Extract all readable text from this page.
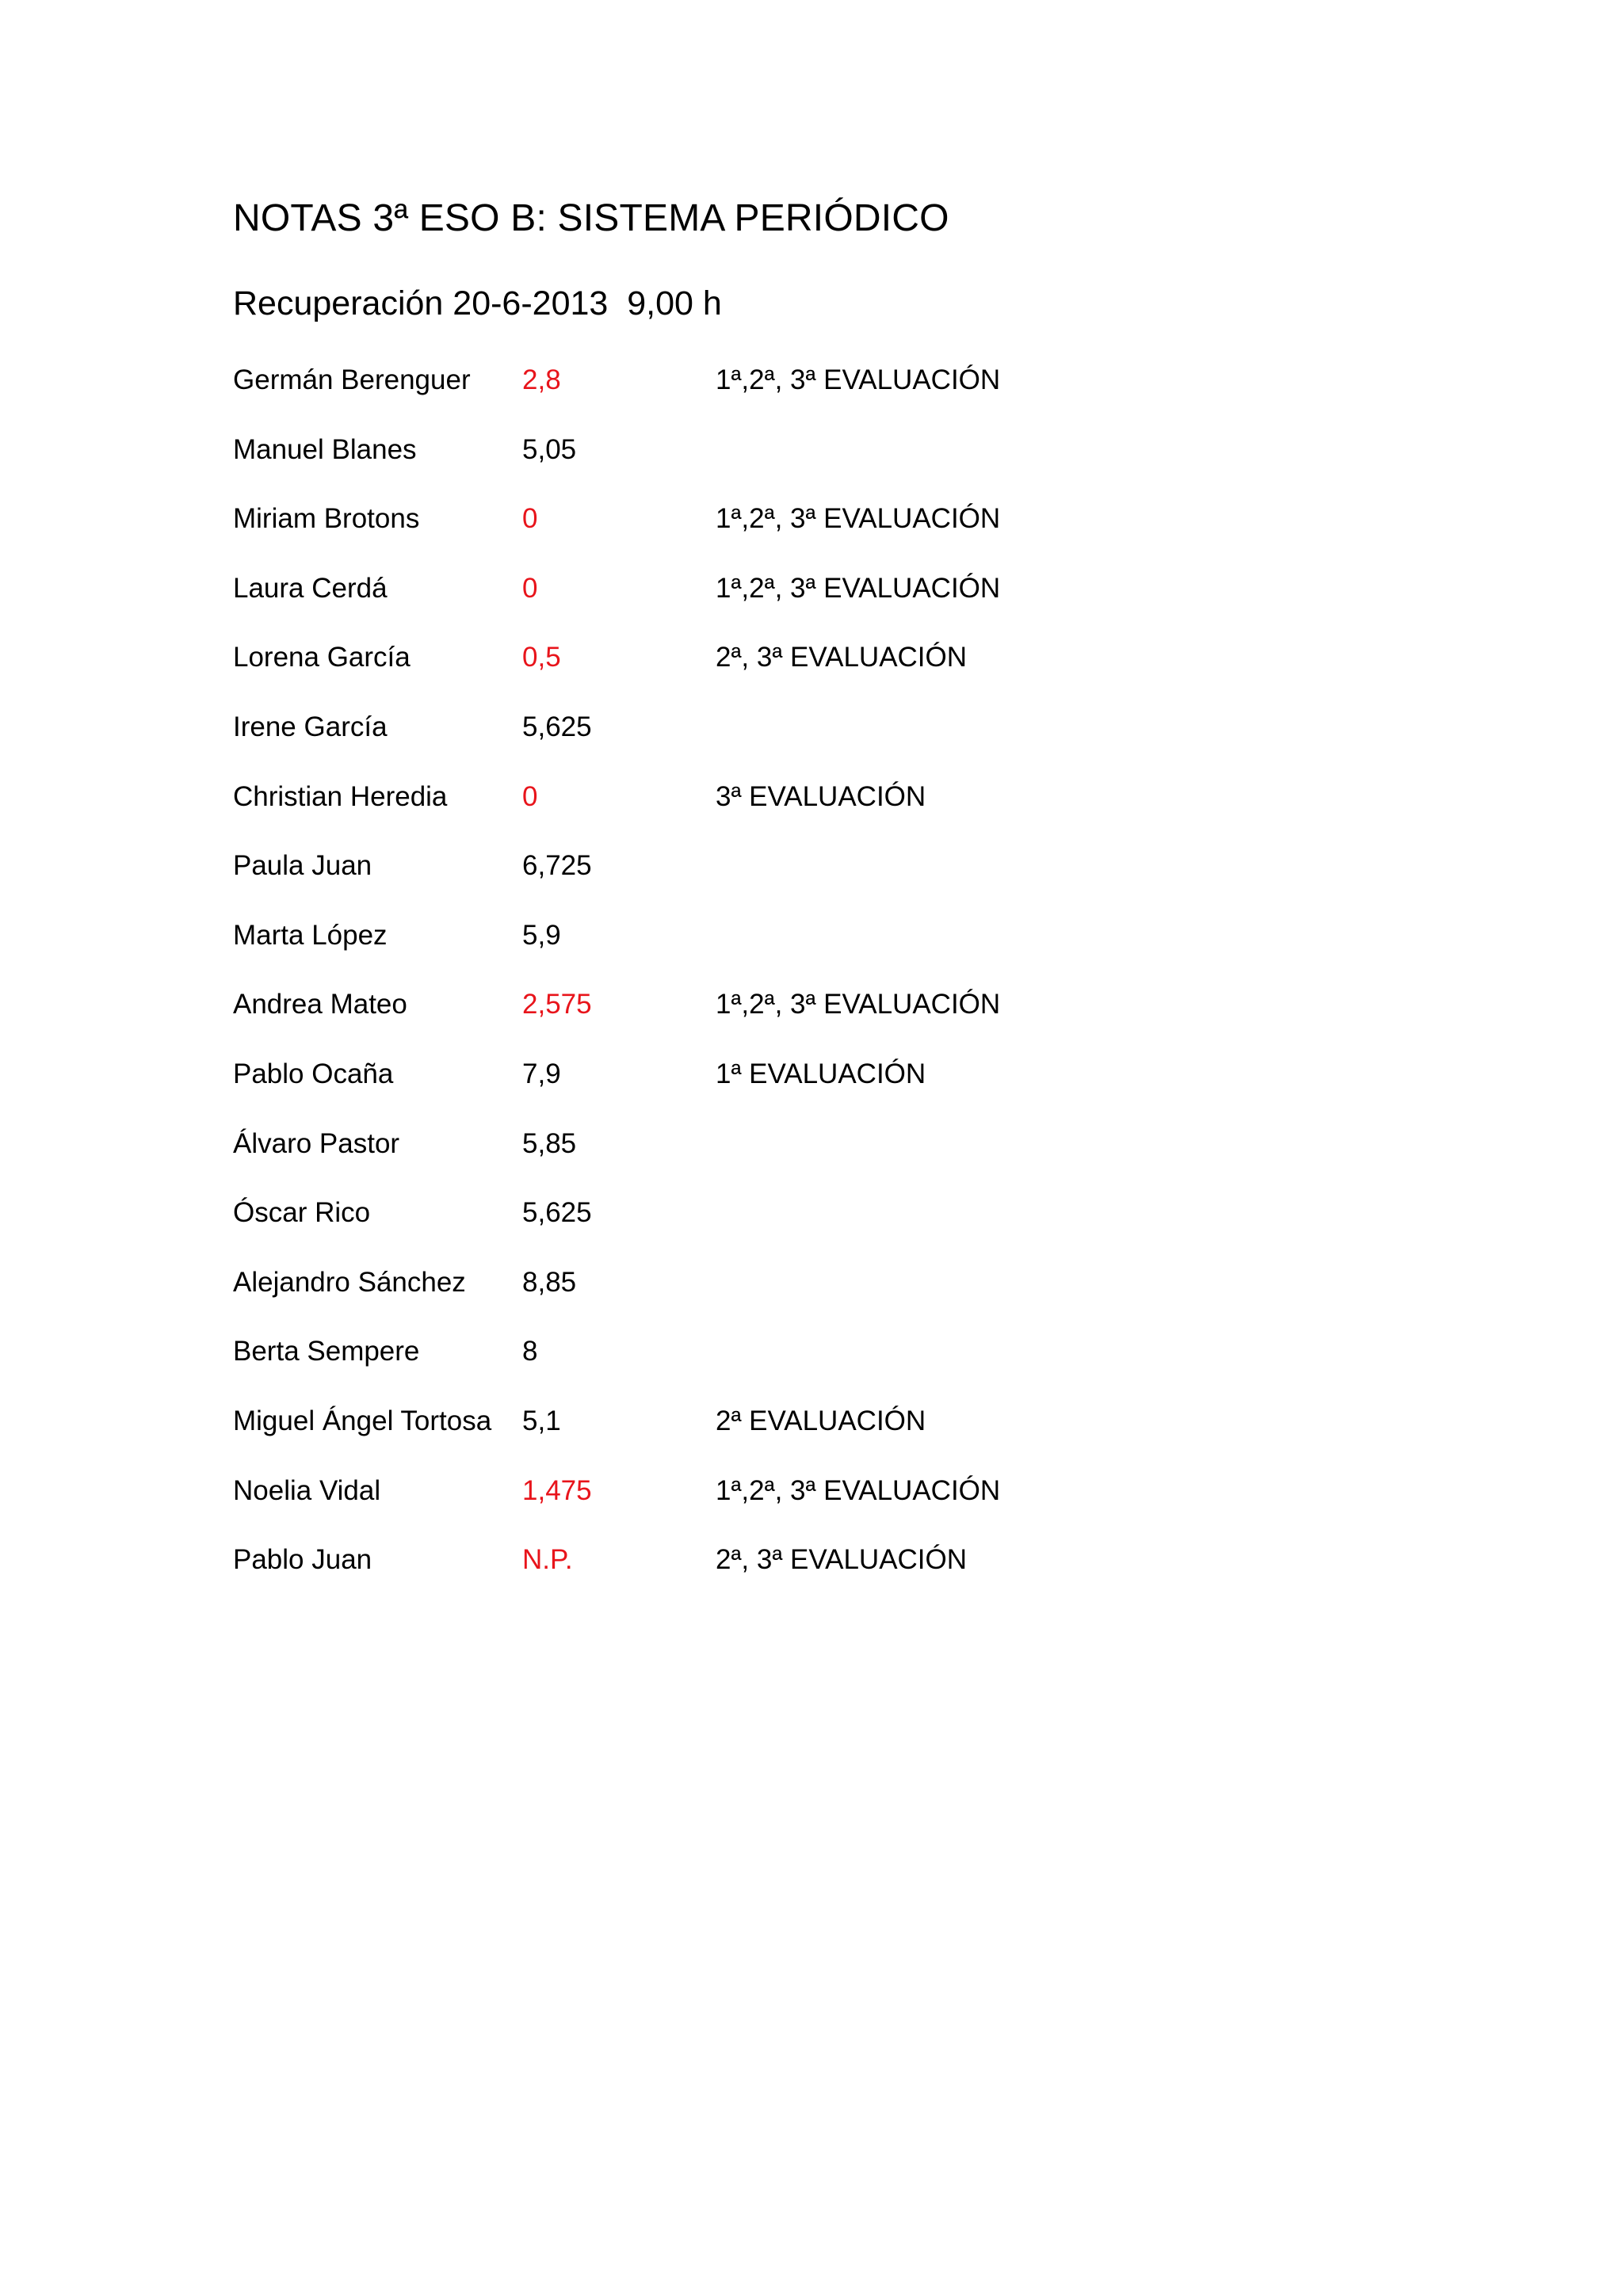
NOTAS 3ª ESO B: SISTEMA PERIÓDICO
Recuperación 20-6-2013  9,00 h
Germán Berenguer 2,8	1ª,2ª, 3ª EVALUACIÓN
Manuel Blanes	5,05
Miriam Brotons	0	1ª,2ª, 3ª EVALUACIÓN
Laura Cerdá	0	1ª,2ª, 3ª EVALUACIÓN
Lorena García	0,5	2ª, 3ª EVALUACIÓN
Irene García	5,625
Christian Heredia	0	3ª EVALUACIÓN
Paula Juan	6,725
Marta López	5,9
Andrea Mateo	2,575	1ª,2ª, 3ª EVALUACIÓN
Pablo Ocaña	7,9	1ª EVALUACIÓN
Álvaro Pastor	5,85
Óscar Rico	5,625
Alejandro Sánchez 8,85
Berta Sempere	8
Miguel Ángel Tortosa 5,1	2ª EVALUACIÓN
Noelia Vidal	1,475	1ª,2ª, 3ª EVALUACIÓN
Pablo Juan	N.P.	2ª, 3ª EVALUACIÓN
